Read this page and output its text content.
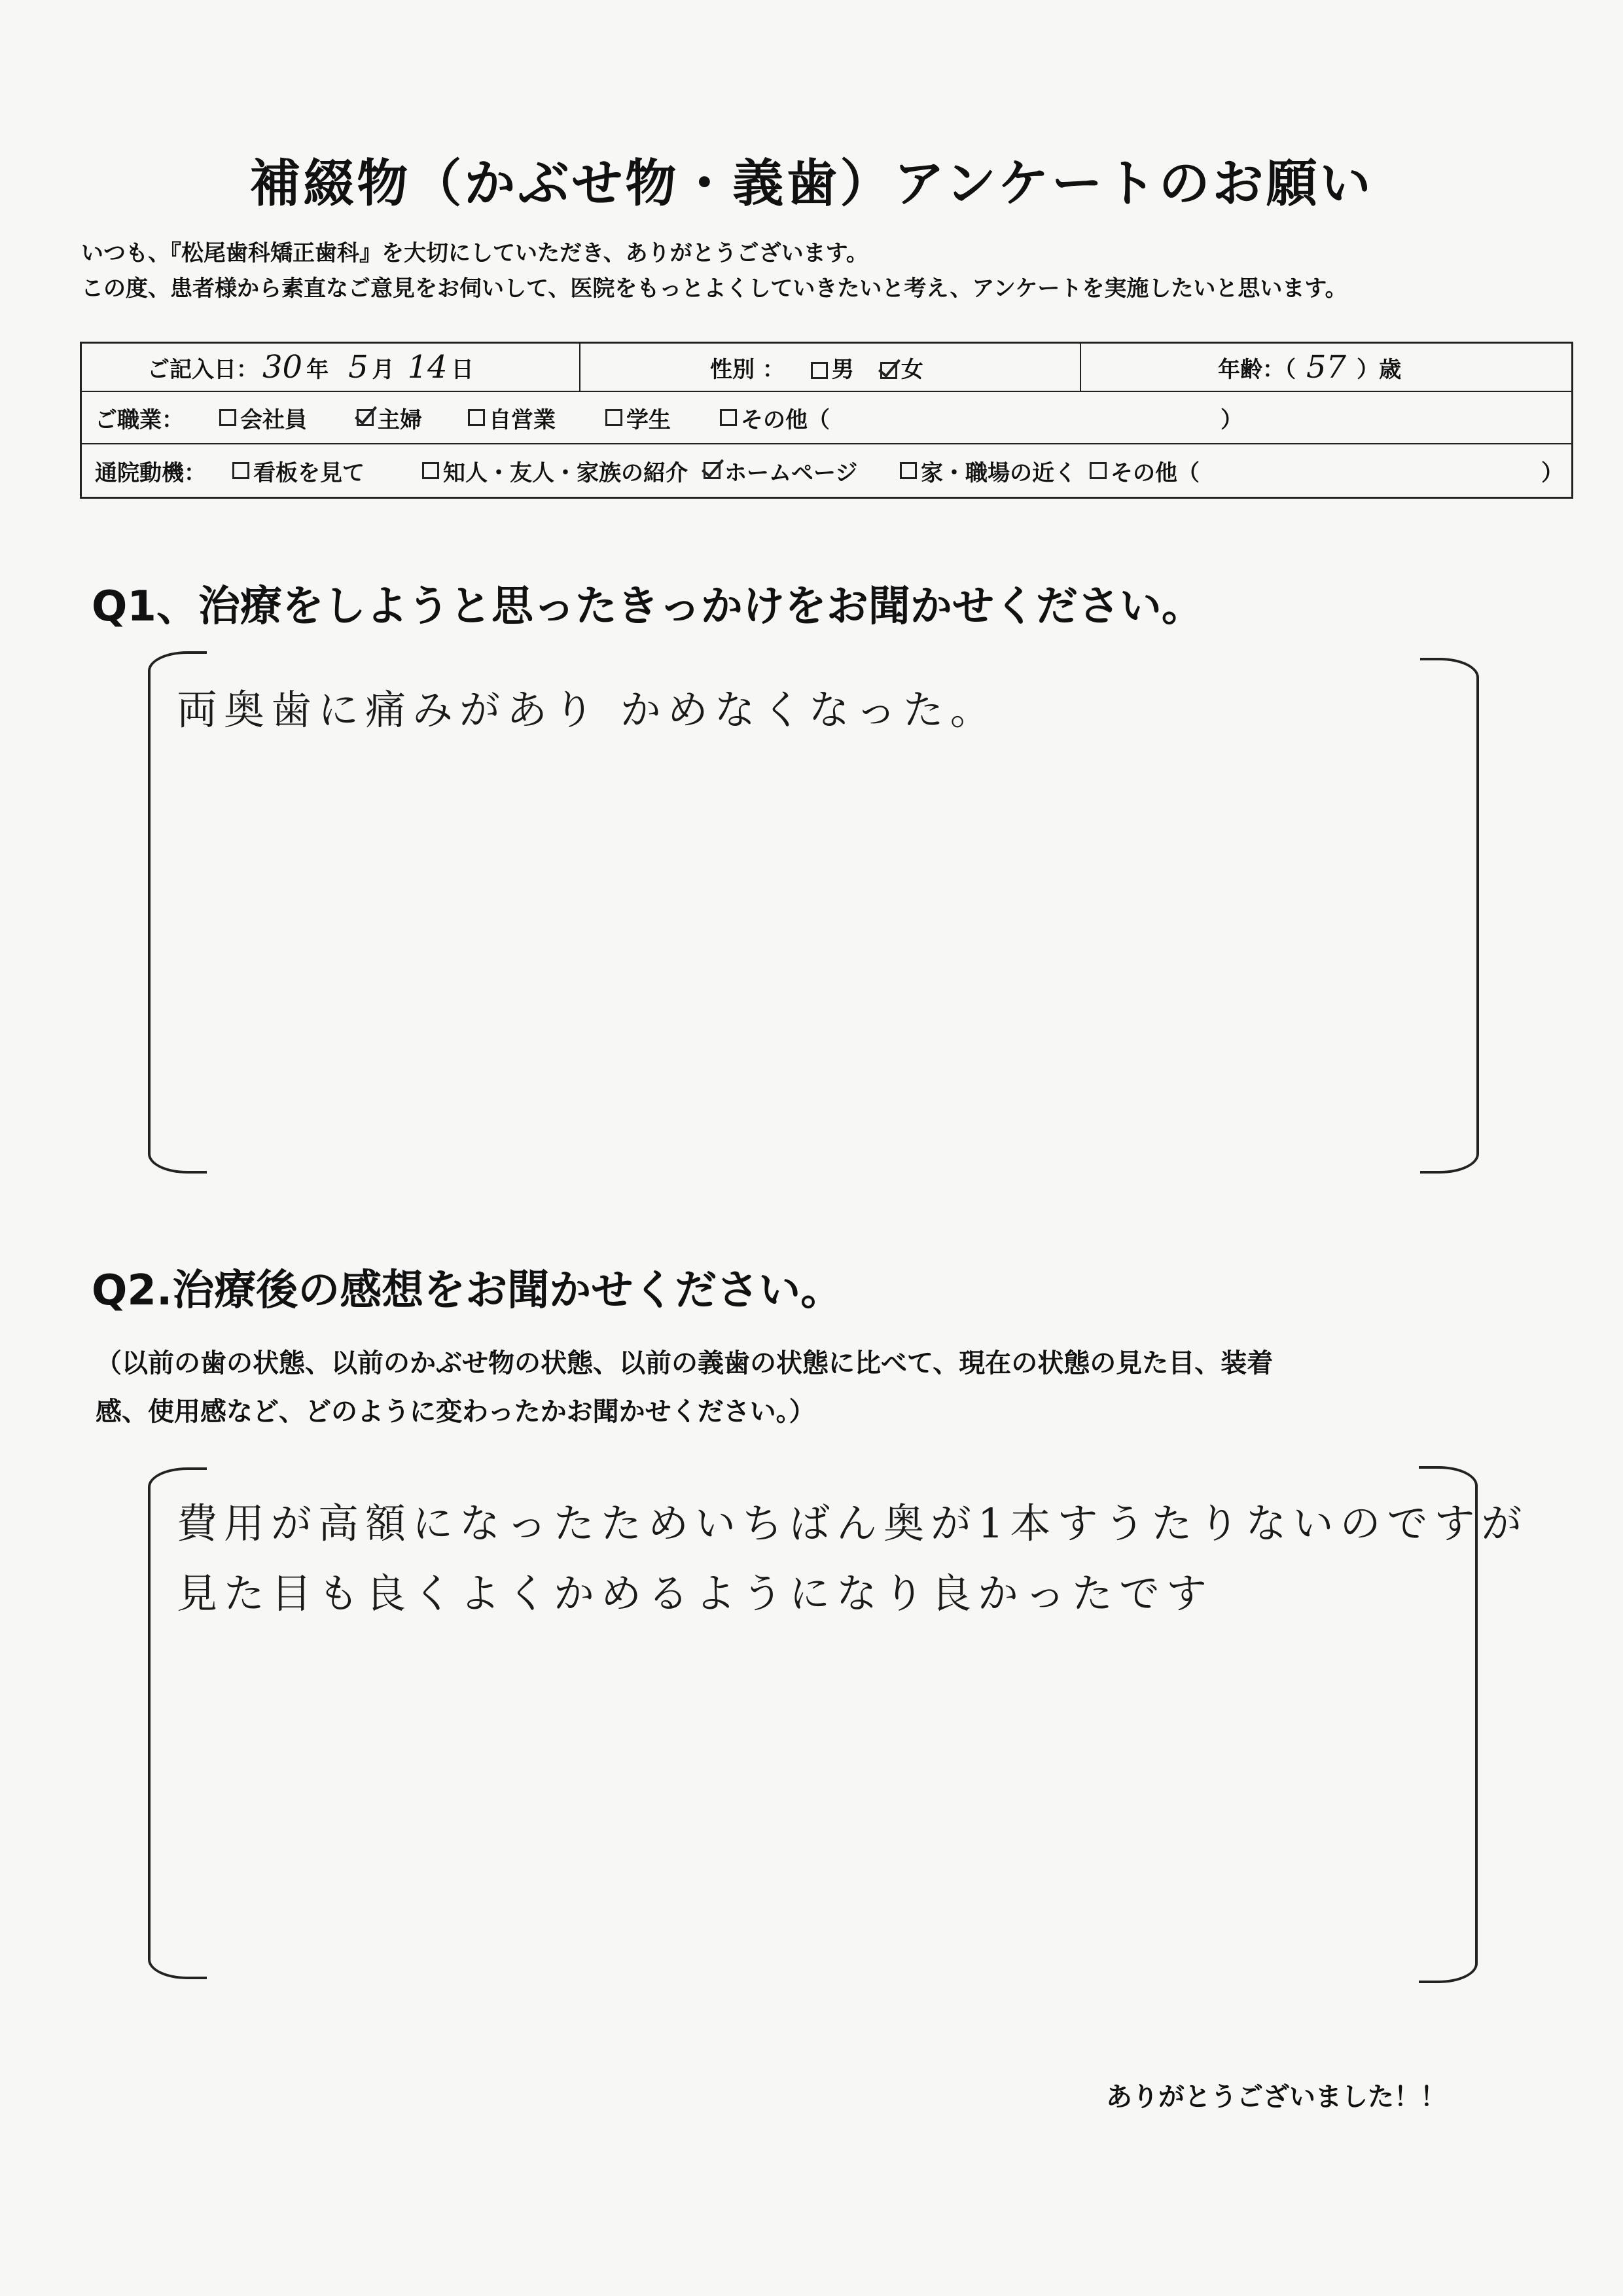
補綴物（かぶせ物・義歯）アンケートのお願い
いつも、『松尾歯科矯正歯科』を大切にしていただき、ありがとうございます。
この度、患者様から素直なご意見をお伺いして、医院をもっとよくしていきたいと考え、アンケートを実施したいと思います。
ご記入日： 30 年 5 月 14 日	性別 ：	男	女	年齢：（ 57 ）歳
ご職業：	会社員	主婦	自営業	学生	その他（	）
通院動機： 看板を見て	知人・友人・家族の紹介 ホームページ	家・職場の近く その他（	）
Q1、治療をしようと思ったきっかけをお聞かせください。
両奥歯に痛みがあり かめなくなった。
Q2.治療後の感想をお聞かせください。
（以前の歯の状態、以前のかぶせ物の状態、以前の義歯の状態に比べて、現在の状態の見た目、装着
感、使用感など、どのように変わったかお聞かせください。）
費用が高額になったためいちばん奥が1本すうたりないのですが
見た目も良くよくかめるようになり良かったです
ありがとうございました！！
